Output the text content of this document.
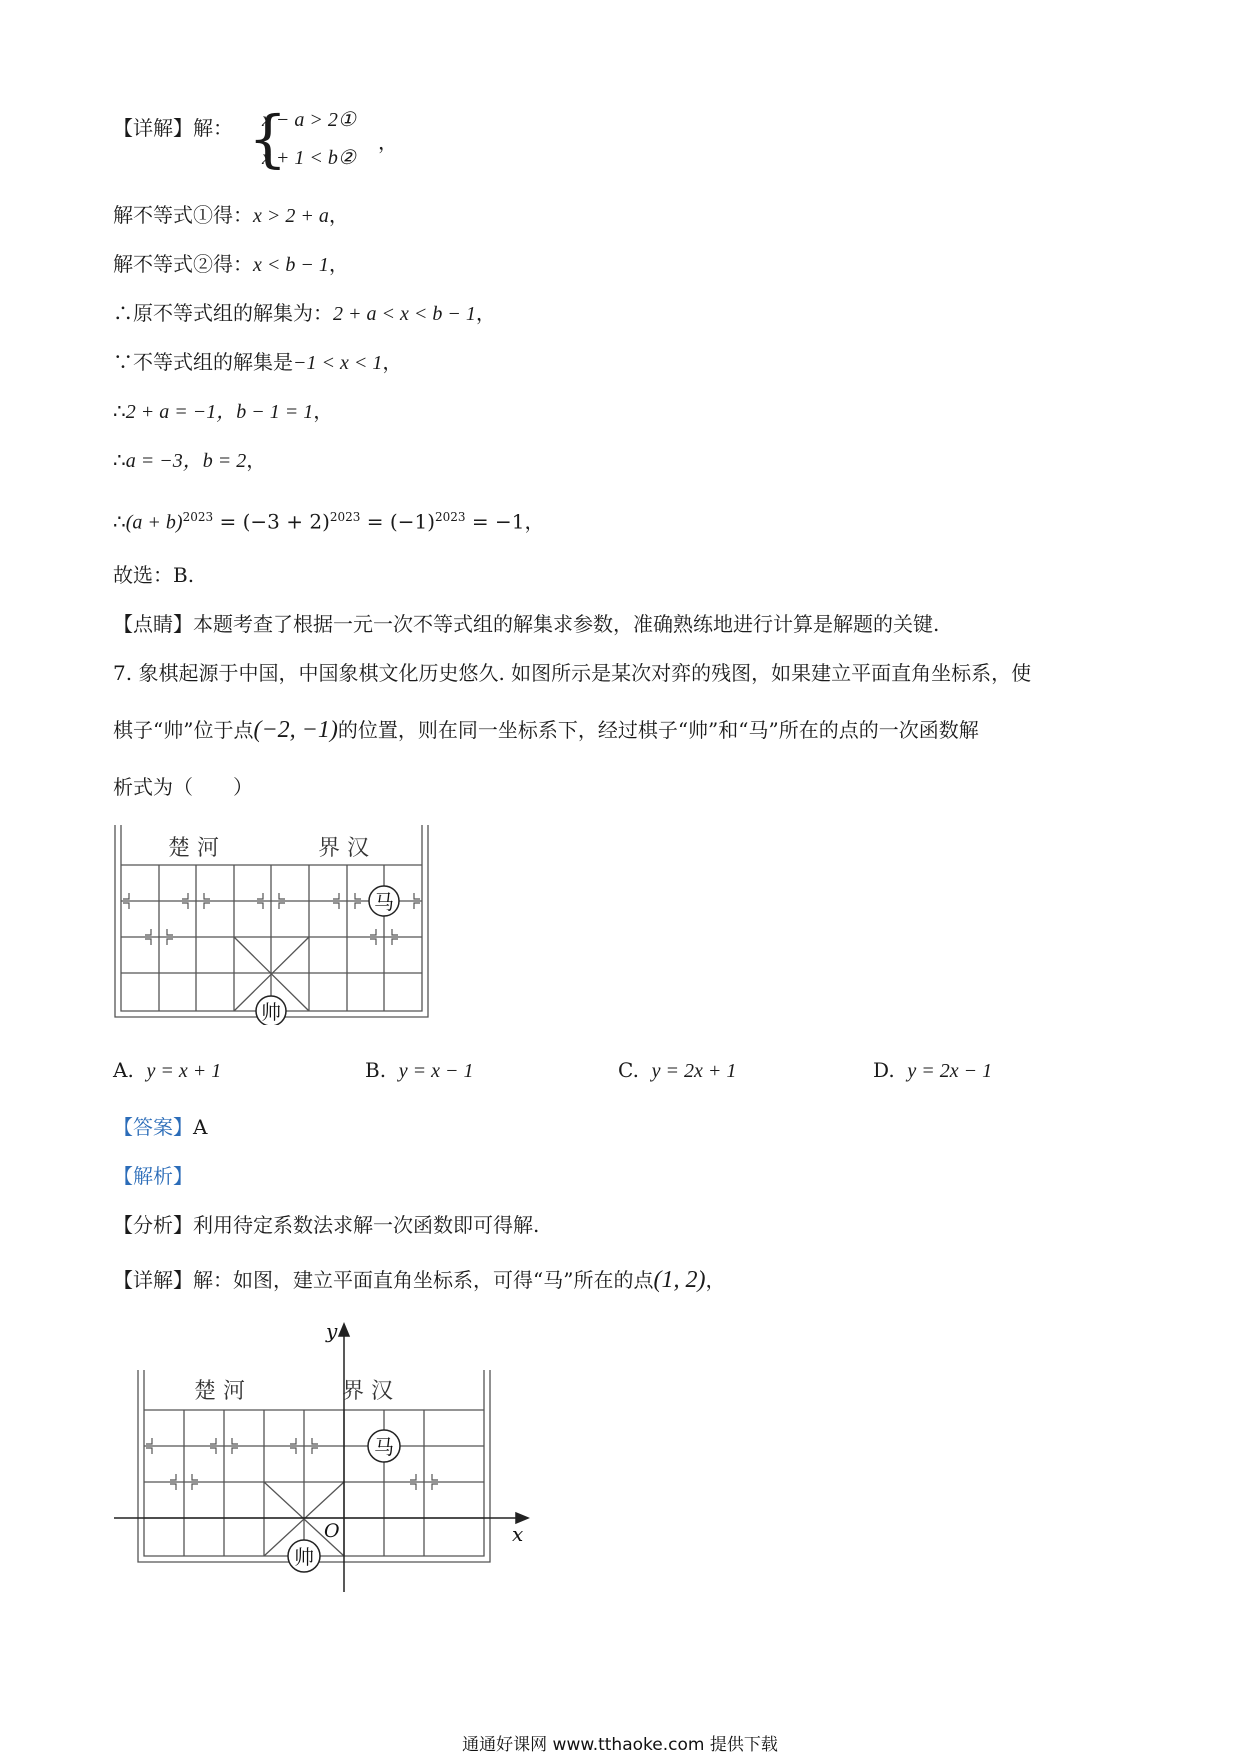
【详解】解： {
x − a > 2①
x + 1 < b②
，
解不等式①得：x > 2 + a，
解不等式②得：x < b − 1，
∴原不等式组的解集为：2 + a < x < b − 1，
∵不等式组的解集是−1 < x < 1，
∴2 + a = −1，b − 1 = 1，
∴a = −3，b = 2，
∴(a + $b)^{2023} = (-3 + 2)^{2023} = (-1)^{2023} = -1$，
故选：B.
【点睛】本题考查了根据一元一次不等式组的解集求参数，准确熟练地进行计算是解题的关键.
7. 象棋起源于中国，中国象棋文化历史悠久. 如图所示是某次对弈的残图，如果建立平面直角坐标系，使
棋子“帅”位于点(−2, −1)的位置，则在同一坐标系下，经过棋子“帅”和“马”所在的点的一次函数解
析式为（　　）
楚 河	界 汉
马
帅
A. y = x + 1	B. y = x − 1	C. y = 2x + 1	D. y = 2x − 1
【答案】A
【解析】
【分析】利用待定系数法求解一次函数即可得解.
【详解】解：如图，建立平面直角坐标系，可得“马”所在的点(1, 2)，
楚 河	界 汉
x
y
O
马
帅
通通好课网 www.tthaoke.com 提供下载
